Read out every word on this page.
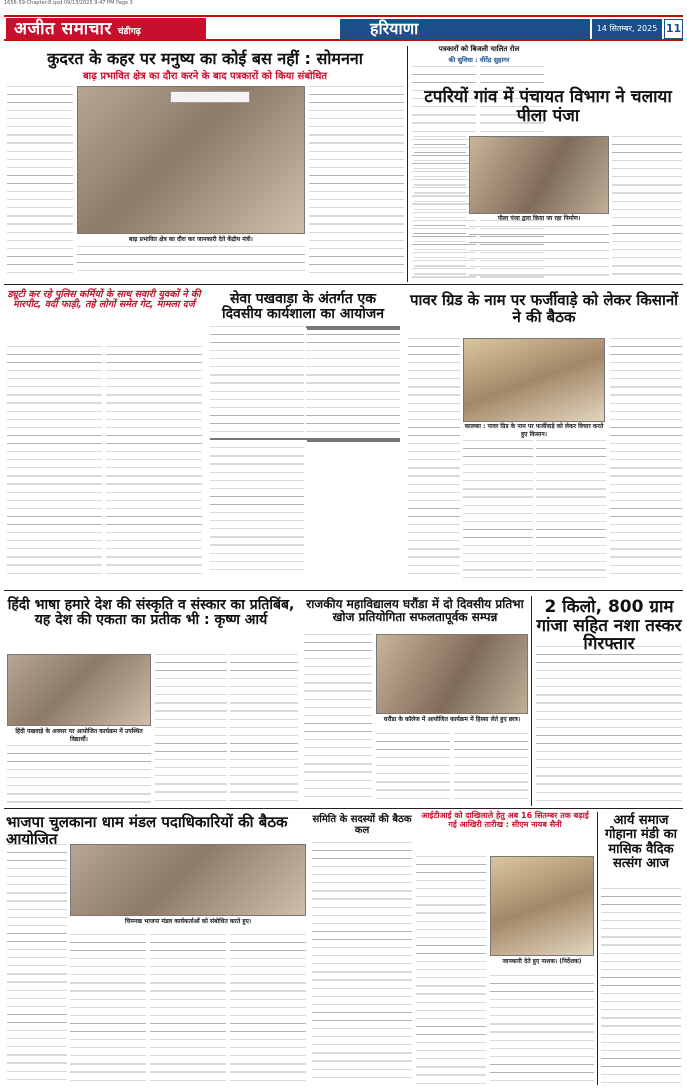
1656-59-Chapter-8.qxd 09/13/2025 9:47 PM Page 3
अजीत समाचार चंडीगढ़	हरियाणा	14 सितम्बर, 2025 11
कुदरत के कहर पर मनुष्य का कोई बस नहीं : सोमनना
बाढ़ प्रभावित क्षेत्र का दौरा करने के बाद पत्रकारों को किया संबोधित
बाढ़ प्रभावित क्षेत्र का दौरा कर जानकारी देते केंद्रीय मंत्री।
पत्रकारों को बिजली चालित रोल
की सुविधा : वीरेंद्र सुहागर
टपरियों गांव में पंचायत विभाग ने चलाया पीला पंजा
पीला पंजा द्वारा किया जा रहा निर्माण।
ड्यूटी कर रहे पुलिस कर्मियों के साथ सवारी युवकों ने की मारपीट, वर्दी फाड़ी, तहे लोगों समेत गेट, मामला दर्ज	सेवा पखवाड़ा के अंतर्गत एक दिवसीय कार्यशाला का आयोजन
पावर ग्रिड के नाम पर फर्जीवाड़े को लेकर किसानों ने की बैठक
कालका : पावर ग्रिड के नाम पर फर्जीवाड़े को लेकर विचार करते हुए किसान।
हिंदी भाषा हमारे देश की संस्कृति व संस्कार का प्रतिबिंब, यह देश की एकता का प्रतीक भी : कृष्ण आर्य
हिंदी पखवाड़े के अवसर पर आयोजित कार्यक्रम में उपस्थित विद्यार्थी।
राजकीय महाविद्यालय घरौंडा में दो दिवसीय प्रतिभा खोज प्रतियोगिता सफलतापूर्वक सम्पन्न
घरौंडा के कॉलेज में आयोजित कार्यक्रम में हिस्सा लेते हुए छात्र।
2 किलो, 800 ग्राम गांजा सहित नशा तस्कर गिरफ्तार
भाजपा चुलकाना धाम मंडल पदाधिकारियों की बैठक आयोजित
चिमनख भाजपा मंडल कार्यकर्ताओं को संबोधित करते हुए।
समिति के सदस्यों की बैठक कल
आईटीआई को दाखिलाले हेतु अब 16 सितम्बर तक बढ़ाई गई आखिरी तारीख : सीएम नायब सैनी
जानकारी देते हुए नाशक। (निर्देशक)
आर्य समाज गोहाना मंडी का मासिक वैदिक सत्संग आज
